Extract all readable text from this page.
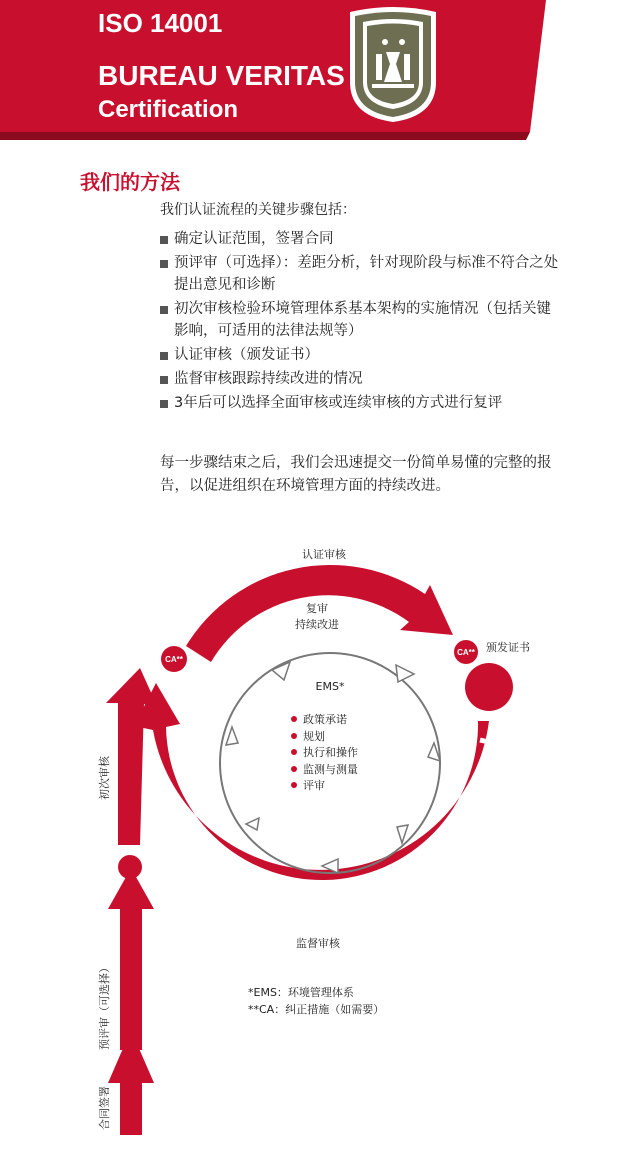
ISO 14001
BUREAU VERITAS
Certification
我们的方法
我们认证流程的关键步骤包括：
确定认证范围，签署合同
预评审（可选择）：差距分析，针对现阶段与标准不符合之处提出意见和诊断
初次审核检验环境管理体系基本架构的实施情况（包括关键影响，可适用的法律法规等）
认证审核（颁发证书）
监督审核跟踪持续改进的情况
3年后可以选择全面审核或连续审核的方式进行复评
每一步骤结束之后，我们会迅速提交一份简单易懂的完整的报告，以促进组织在环境管理方面的持续改进。
CA**
CA**
认证审核
复审
持续改进
颁发证书
EMS*
政策承诺
规划
执行和操作
监测与测量
评审
监督审核
初次审核
预评审（可选择）
合同签署
*EMS：环境管理体系
**CA：纠正措施（如需要）
